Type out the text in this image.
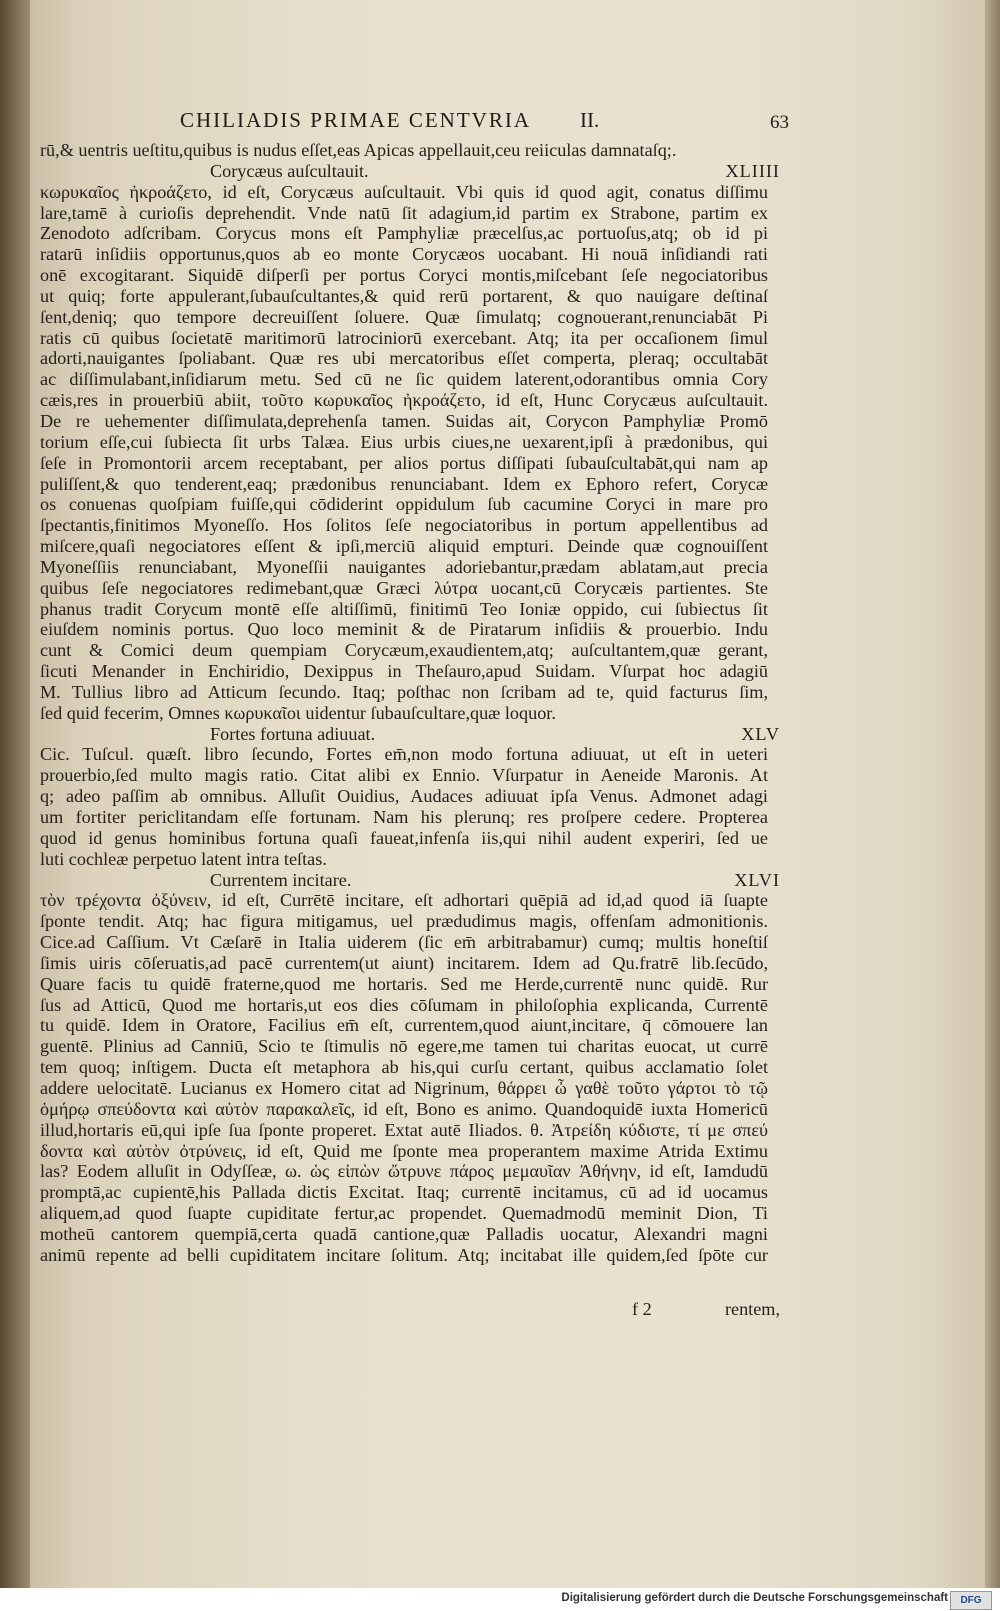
CHILIADIS PRIMAE CENTVRIA II.	63
rū,& uentris ueſtitu,quibus is nudus eſſet,eas Apicas appellauit,ceu reiiculas damnataſq;.
Corycæus auſcultauit.	XLIIII
κωρυκαῖος ἠκροάζετο, id eſt, Corycæus auſcultauit. Vbi quis id quod agit, conatus diſſimu
lare,tamē à curioſis deprehendit. Vnde natū ſit adagium,id partim ex Strabone, partim ex
Zenodoto adſcribam. Corycus mons eſt Pamphyliæ præcelſus,ac portuoſus,atq; ob id pi
ratarū inſidiis opportunus,quos ab eo monte Corycæos uocabant. Hi nouā inſidiandi rati
onē excogitarant. Siquidē diſperſi per portus Coryci montis,miſcebant ſeſe negociatoribus
ut quiq; forte appulerant,ſubauſcultantes,& quid rerū portarent, & quo nauigare deſtinaſ
ſent,deniq; quo tempore decreuiſſent ſoluere. Quæ ſimulatq; cognouerant,renunciabāt Pi
ratis cū quibus ſocietatē maritimorū latrociniorū exercebant. Atq; ita per occaſionem ſimul
adorti,nauigantes ſpoliabant. Quæ res ubi mercatoribus eſſet comperta, pleraq; occultabāt
ac diſſimulabant,inſidiarum metu. Sed cū ne ſic quidem laterent,odorantibus omnia Cory
cæis,res in prouerbiū abiit, τοῦτο κωρυκαῖος ἠκροάζετο, id eſt, Hunc Corycæus auſcultauit.
De re uehementer diſſimulata,deprehenſa tamen. Suidas ait, Corycon Pamphyliæ Promō
torium eſſe,cui ſubiecta ſit urbs Talæa. Eius urbis ciues,ne uexarent,ipſi à prædonibus, qui
ſeſe in Promontorii arcem receptabant, per alios portus diſſipati ſubauſcultabāt,qui nam ap
puliſſent,& quo tenderent,eaq; prædonibus renunciabant. Idem ex Ephoro refert, Corycæ
os conuenas quoſpiam fuiſſe,qui cōdiderint oppidulum ſub cacumine Coryci in mare pro
ſpectantis,finitimos Myoneſſo. Hos ſolitos ſeſe negociatoribus in portum appellentibus ad
miſcere,quaſi negociatores eſſent & ipſi,merciū aliquid empturi. Deinde quæ cognouiſſent
Myoneſſiis renunciabant, Myoneſſii nauigantes adoriebantur,prædam ablatam,aut precia
quibus ſeſe negociatores redimebant,quæ Græci λύτρα uocant,cū Corycæis partientes. Ste
phanus tradit Corycum montē eſſe altiſſimū, finitimū Teo Ioniæ oppido, cui ſubiectus ſit
eiuſdem nominis portus. Quo loco meminit & de Piratarum inſidiis & prouerbio. Indu
cunt & Comici deum quempiam Corycæum,exaudientem,atq; auſcultantem,quæ gerant,
ſicuti Menander in Enchiridio, Dexippus in Theſauro,apud Suidam. Vſurpat hoc adagiū
M. Tullius libro ad Atticum ſecundo. Itaq; poſthac non ſcribam ad te, quid facturus ſim,
ſed quid fecerim, Omnes κωρυκαῖοι uidentur ſubauſcultare,quæ loquor.
Fortes fortuna adiuuat.	XLV
Cic. Tuſcul. quæſt. libro ſecundo, Fortes em̄,non modo fortuna adiuuat, ut eſt in ueteri
prouerbio,ſed multo magis ratio. Citat alibi ex Ennio. Vſurpatur in Aeneide Maronis. At
q; adeo paſſim ab omnibus. Alluſit Ouidius, Audaces adiuuat ipſa Venus. Admonet adagi
um fortiter periclitandam eſſe fortunam. Nam his plerunq; res proſpere cedere. Propterea
quod id genus hominibus fortuna quaſi faueat,infenſa iis,qui nihil audent experiri, ſed ue
luti cochleæ perpetuo latent intra teſtas.
Currentem incitare.	XLVI
τὸν τρέχοντα ὀξύνειν, id eſt, Currētē incitare, eſt adhortari quēpiā ad id,ad quod iā ſuapte
ſponte tendit. Atq; hac figura mitigamus, uel prædudimus magis, offenſam admonitionis.
Cice.ad Caſſium. Vt Cæſarē in Italia uiderem (ſic em̄ arbitrabamur) cumq; multis honeſtiſ
ſimis uiris cōſeruatis,ad pacē currentem(ut aiunt) incitarem. Idem ad Qu.fratrē lib.ſecūdo,
Quare facis tu quidē fraterne,quod me hortaris. Sed me Herde,currentē nunc quidē. Rur
ſus ad Atticū, Quod me hortaris,ut eos dies cōſumam in philoſophia explicanda, Currentē
tu quidē. Idem in Oratore, Facilius em̄ eſt, currentem,quod aiunt,incitare, q̄ cōmouere lan
guentē. Plinius ad Canniū, Scio te ſtimulis nō egere,me tamen tui charitas euocat, ut currē
tem quoq; inſtigem. Ducta eſt metaphora ab his,qui curſu certant, quibus acclamatio ſolet
addere uelocitatē. Lucianus ex Homero citat ad Nigrinum, θάρρει ὦ γαθὲ τοῦτο γάρτοι τὸ τῷ
ὁμήρῳ σπεύδοντα καὶ αὐτὸν παρακαλεῖς, id eſt, Bono es animo. Quandoquidē iuxta Homericū
illud,hortaris eū,qui ipſe ſua ſponte properet. Extat autē Iliados. θ. Ἀτρείδη κύδιστε, τί με σπεύ
δοντα καὶ αὐτὸν ὀτρύνεις, id eſt, Quid me ſponte mea properantem maxime Atrida Extimu
las? Eodem alluſit in Odyſſeæ, ω. ὡς εἰπὼν ὤτρυνε πάρος μεμαυῖαν Ἀθήνην, id eſt, Iamdudū
promptā,ac cupientē,his Pallada dictis Excitat. Itaq; currentē incitamus, cū ad id uocamus
aliquem,ad quod ſuapte cupiditate fertur,ac propendet. Quemadmodū meminit Dion, Ti
motheū cantorem quempiā,certa quadā cantione,quæ Palladis uocatur, Alexandri magni
animū repente ad belli cupiditatem incitare ſolitum. Atq; incitabat ille quidem,ſed ſpōte cur
f 2	rentem,
Digitalisierung gefördert durch die Deutsche Forschungsgemeinschaft	DFG
